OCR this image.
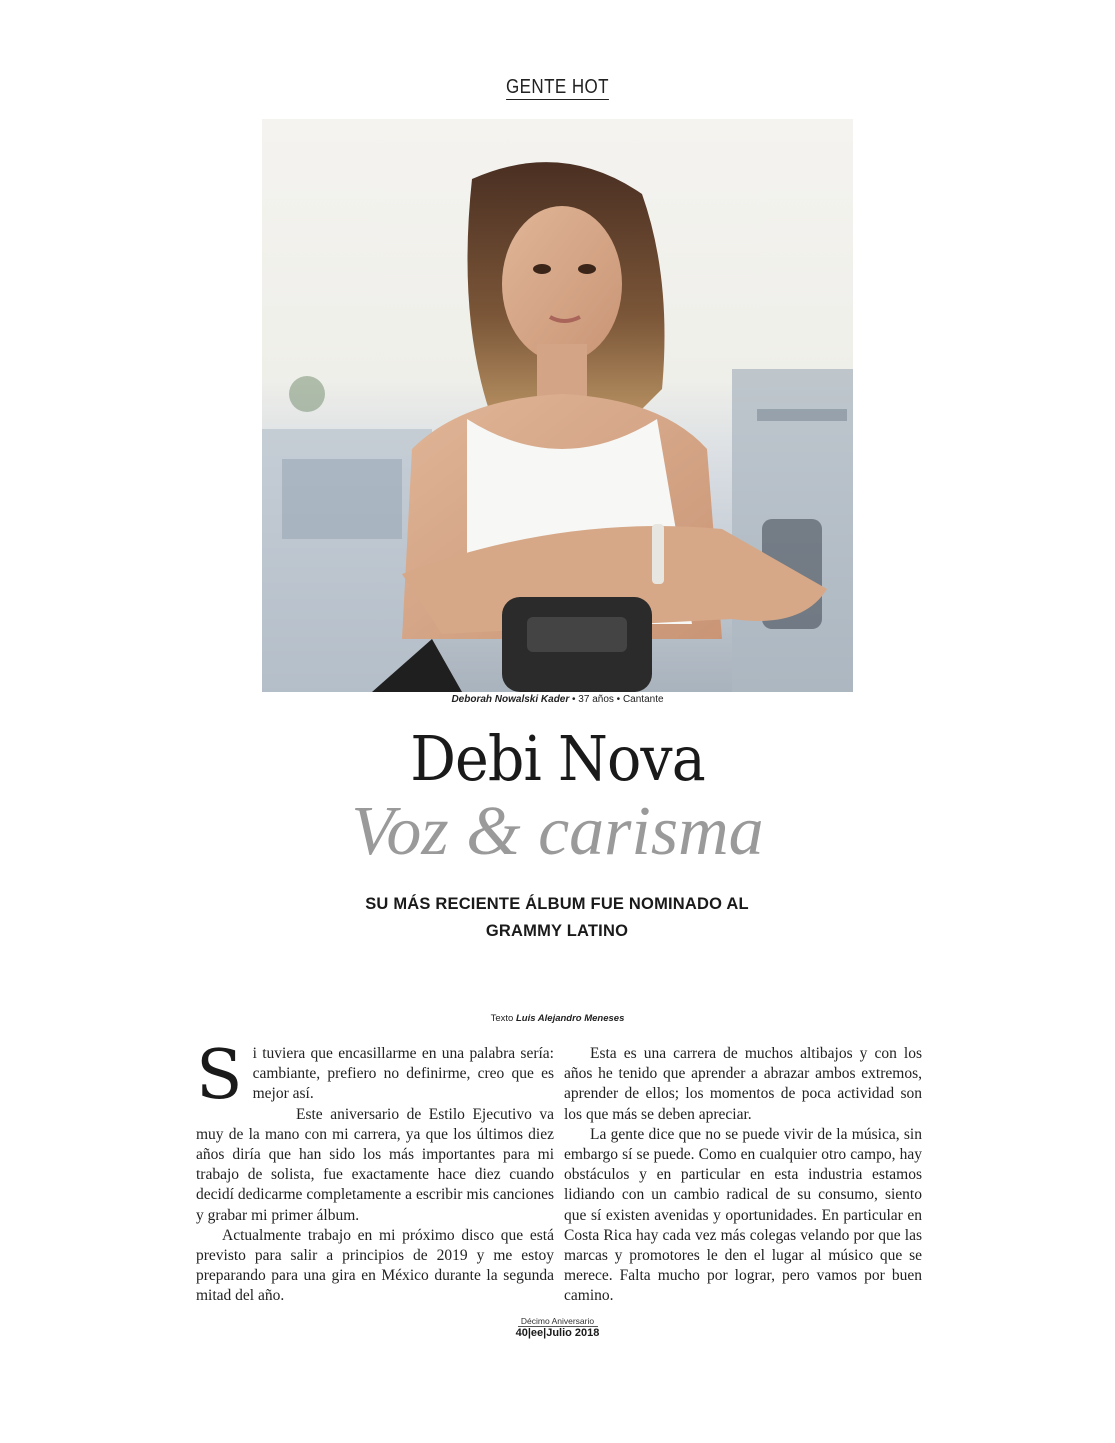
GENTE HOT
Deborah Nowalski Kader • 37 años • Cantante
Debi Nova
Voz & carisma
SU MÁS RECIENTE ÁLBUM FUE NOMINADO AL GRAMMY LATINO
Texto Luis Alejandro Meneses

Si tuviera que encasillarme en una palabra sería: cambiante, prefiero no definirme, creo que es mejor así.

Este aniversario de Estilo Ejecutivo va muy de la mano con mi carrera, ya que los últimos diez años diría que han sido los más importantes para mi trabajo de solista, fue exactamente hace diez cuando decidí dedicarme completamente a escribir mis canciones y grabar mi primer álbum.

Actualmente trabajo en mi próximo disco que está previsto para salir a principios de 2019 y me estoy preparando para una gira en México durante la segunda mitad del año.

Esta es una carrera de muchos altibajos y con los años he tenido que aprender a abrazar ambos extremos, aprender de ellos; los momentos de poca actividad son los que más se deben apreciar.

La gente dice que no se puede vivir de la música, sin embargo sí se puede. Como en cualquier otro campo, hay obstáculos y en particular en esta industria estamos lidiando con un cambio radical de su consumo, siento que sí existen avenidas y oportunidades. En particular en Costa Rica hay cada vez más colegas velando por que las marcas y promotores le den el lugar al músico que se merece. Falta mucho por lograr, pero vamos por buen camino.

Décimo Aniversario
40|ee|Julio 2018
